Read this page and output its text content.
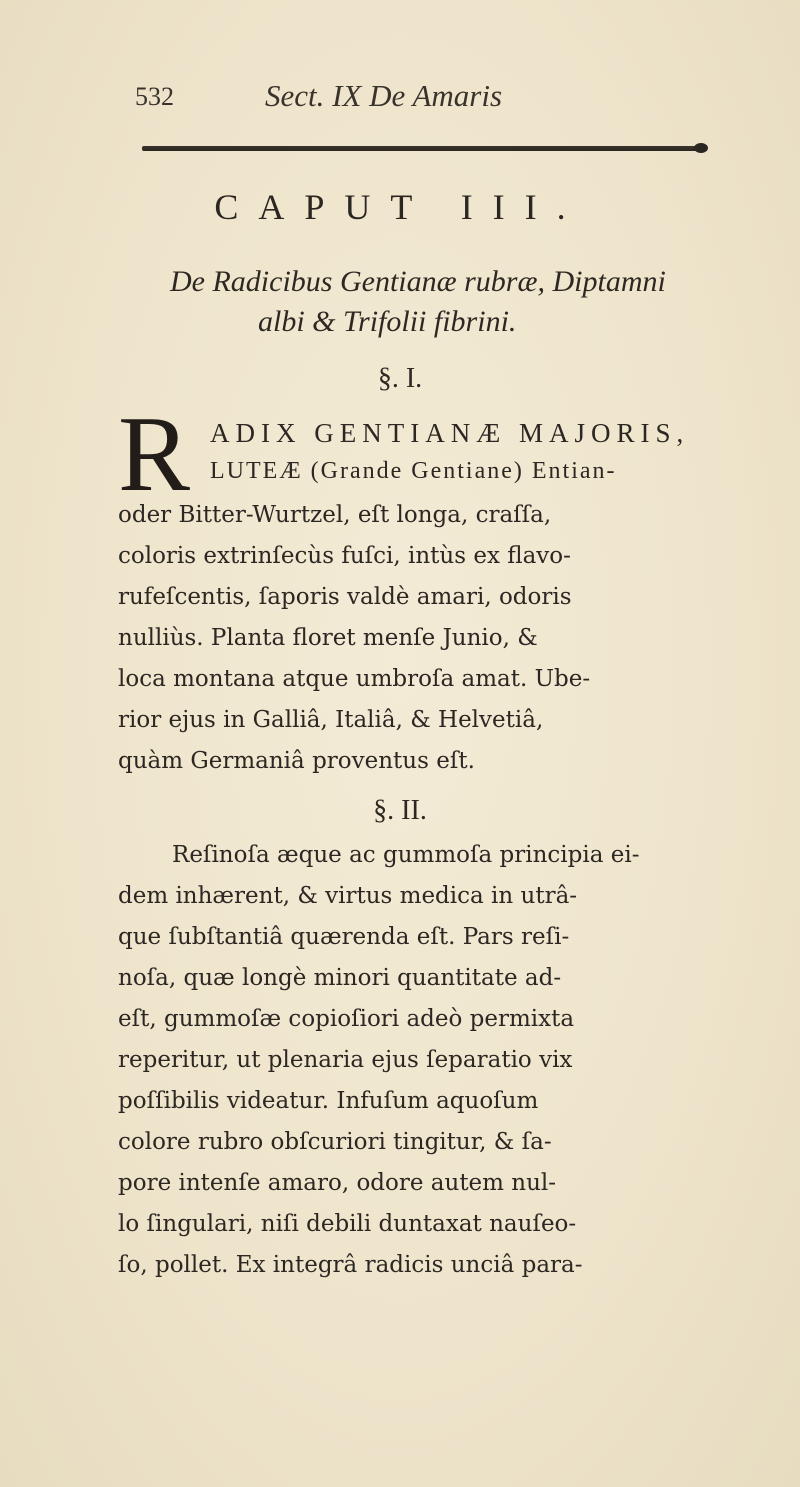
532	Sect. IX De Amaris
CAPUT III.
De Radicibus Gentianæ rubræ, Diptamni
albi & Trifolii fibrini.
§. I.
R ADIX GENTIANÆ MAJORIS,
LUTEÆ (Grande Gentiane) Entian-
oder Bitter-Wurtzel, eſt longa, craſſa,
coloris extrinſecùs fuſci, intùs ex flavo-
rufeſcentis, ſaporis valdè amari, odoris
nulliùs. Planta floret menſe Junio, &
loca montana atque umbroſa amat. Ube-
rior ejus in Galliâ, Italiâ, & Helvetiâ,
quàm Germaniâ proventus eſt.
§. II.
Reſinoſa æque ac gummoſa principia ei-
dem inhærent, & virtus medica in utrâ-
que ſubſtantiâ quærenda eſt. Pars reſi-
noſa, quæ longè minori quantitate ad-
eſt, gummoſæ copioſiori adeò permixta
reperitur, ut plenaria ejus ſeparatio vix
poſſibilis videatur. Infuſum aquoſum
colore rubro obſcuriori tingitur, & ſa-
pore intenſe amaro, odore autem nul-
lo ſingulari, niſi debili duntaxat nauſeo-
ſo, pollet. Ex integrâ radicis unciâ para-
